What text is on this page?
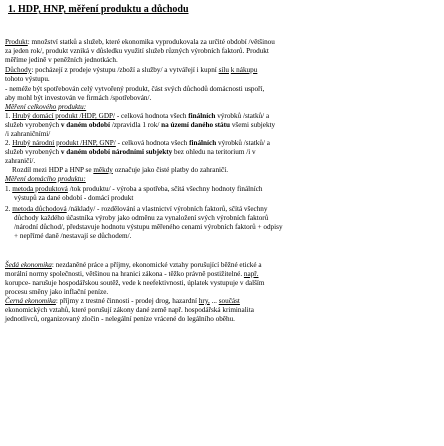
1. HDP, HNP, měření produktu a důchodu
Produkt: množství statků a služeb, které ekonomika vyprodukovala za určité období /většinou
za jeden rok/, produkt vzniká v důsledku využití služeb různých výrobních faktorů. Produkt
měříme jedině v peněžních jednotkách.
Důchody: pocházejí z prodeje výstupu /zboží a služby/ a vytvářejí i kupní sílu k nákupu
tohoto výstupu.
- neméže být spotřebován celý vytvořený produkt, část svých důchodů domácnosti uspoří,
aby mohl být investován ve firmách /spotřebován/.
Měření celkového produktu:
1. Hrubý domácí produkt /HDP, GDP/ - celková hodnota všech finálních výrobků /statků/ a
služeb vyrobených v daném období /zpravidla 1 rok/ na území daného státu všemi subjekty
/i zahraničními/
2. Hrubý národní produkt /HNP, GNP/ - celková hodnota všech finálních výrobků /statků/ a
služeb vyrobených v daném období národními subjekty bez ohledu na teritorium /i v
zahraničí/.
Rozdíl mezi HDP a HNP se měkdy označuje jako čisté platby do zahraničí.
Měření domácího produktu:
1. metoda produktová /tok produktu/ - výroba a spotřeba, sčítá všechny hodnoty finálních
výstupů za dané období - domácí produkt
2. metoda důchodová /náklady/ - rozdělování a vlastnictví výrobních faktorů, sčítá všechny
důchody každého účastníka výroby jako odměnu za vynaložení svých výrobních faktorů
/národní důchod/, představuje hodnotu výstupu měřeného cenami výrobních faktorů + odpisy
+ nepřímé daně /nestavají se důchodem/.
Šedá ekonomika: nezdaněné práce a příjmy, ekonomické vztahy porušující běžné etické a
morální normy společnosti, většinou na hranici zákona - těžko právně postižitelné. např.
korupce- narušuje hospodářskou soutěž, vede k neefektivnosti, úplatek vystupuje v dalším
procesu směny jako inflační peníze.
Černá ekonomika: příjmy z trestné činnosti - prodej drog, hazardní hry, ... součást
ekonomických vztahů, které porušují zákony dané země např. hospodářská kriminalita
jednotlivců, organizovaný zločin - nelegální peníze vrácené do legálního oběhu.
